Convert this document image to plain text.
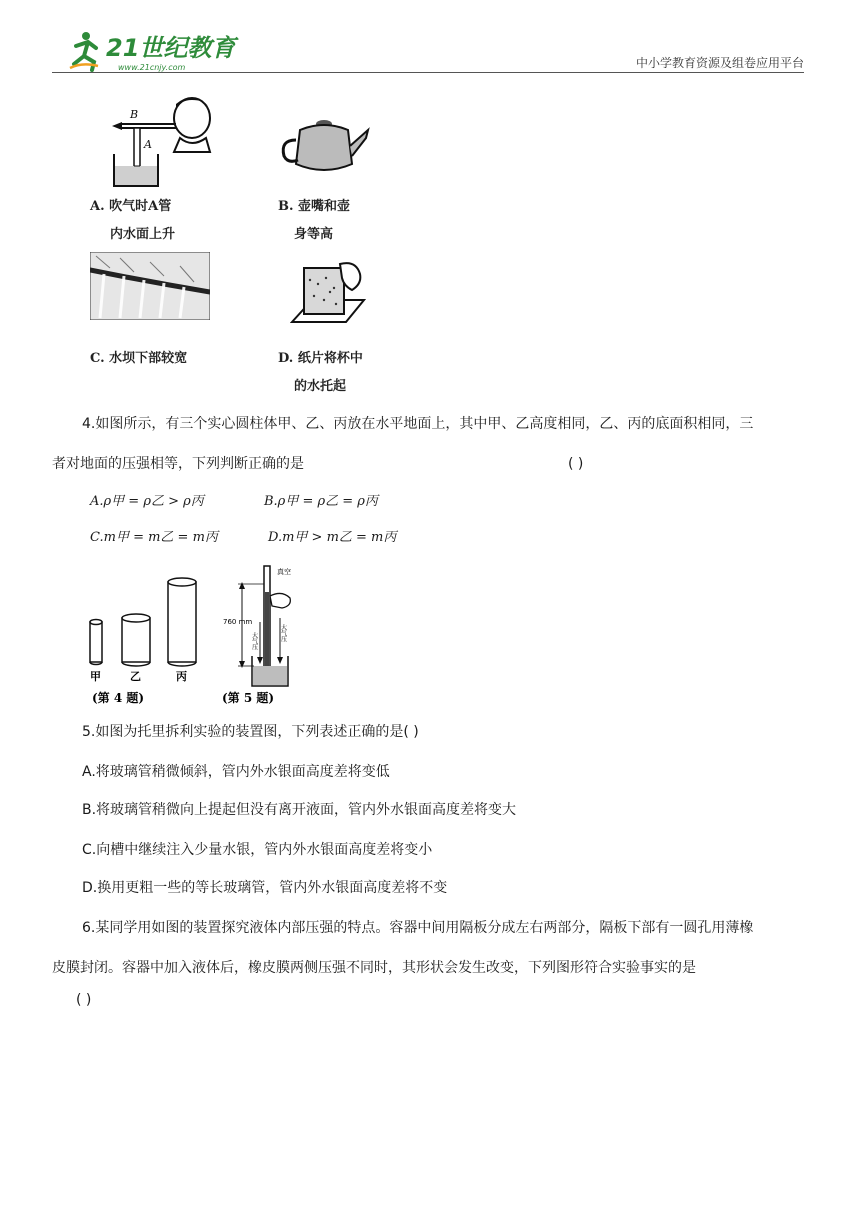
21世纪教育
www.21cnjy.com	中小学教育资源及组卷应用平台
B
A
A. 吹气时A管
内水面上升
B. 壶嘴和壶
身等高
C. 水坝下部较宽	D. 纸片将杯中
的水托起
4.如图所示，有三个实心圆柱体甲、乙、丙放在水平地面上，其中甲、乙高度相同，乙、丙的底面积相同，三
者对地面的压强相等，下列判断正确的是	( )
A.ρ甲 = ρ乙 > ρ丙	B.ρ甲 = ρ乙 = ρ丙
C.m甲 = m乙 = m丙	D.m甲 > m乙 = m丙
甲	乙	丙
760 mm
真空
大气压	大气压
(第 4 题)	(第 5 题)
5.如图为托里拆利实验的装置图，下列表述正确的是( )
A.将玻璃管稍微倾斜，管内外水银面高度差将变低
B.将玻璃管稍微向上提起但没有离开液面，管内外水银面高度差将变大
C.向槽中继续注入少量水银，管内外水银面高度差将变小
D.换用更粗一些的等长玻璃管，管内外水银面高度差将不变
6.某同学用如图的装置探究液体内部压强的特点。容器中间用隔板分成左右两部分，隔板下部有一圆孔用薄橡
皮膜封闭。容器中加入液体后，橡皮膜两侧压强不同时，其形状会发生改变，下列图形符合实验事实的是
( )
